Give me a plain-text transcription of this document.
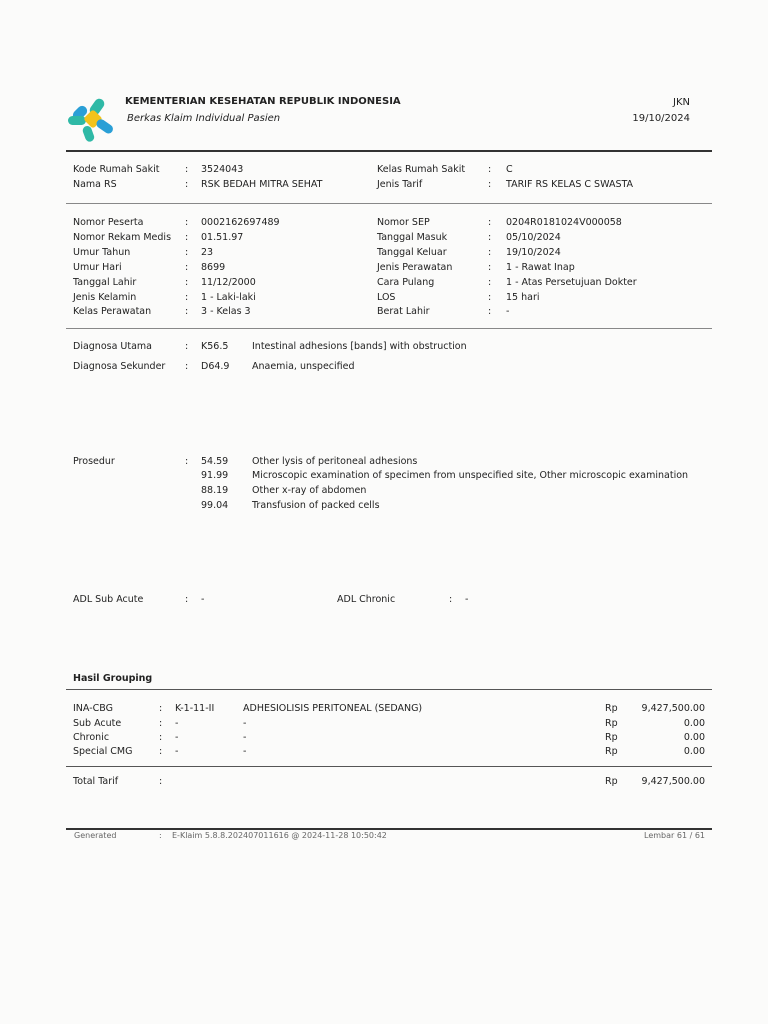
KEMENTERIAN KESEHATAN REPUBLIK INDONESIA
Berkas Klaim Individual Pasien
JKN
19/10/2024
Kode Rumah Sakit	: 3524043
Nama RS	: RSK BEDAH MITRA SEHAT
Kelas Rumah Sakit : C
Jenis Tarif	: TARIF RS KELAS C SWASTA
Nomor Peserta	: 0002162697489
Nomor Rekam Medis : 01.51.97
Umur Tahun	: 23
Umur Hari	: 8699
Tanggal Lahir	: 11/12/2000
Jenis Kelamin	: 1 - Laki-laki
Kelas Perawatan	: 3 - Kelas 3
Nomor SEP	: 0204R0181024V000058
Tanggal Masuk	: 05/10/2024
Tanggal Keluar	: 19/10/2024
Jenis Perawatan	: 1 - Rawat Inap
Cara Pulang	: 1 - Atas Persetujuan Dokter
LOS	: 15 hari
Berat Lahir	: -
Diagnosa Utama	: K56.5 Intestinal adhesions [bands] with obstruction
Diagnosa Sekunder : D64.9 Anaemia, unspecified
Prosedur	: 54.59	Other lysis of peritoneal adhesions
91.99	Microscopic examination of specimen from unspecified site, Other microscopic examination
88.19	Other x-ray of abdomen
99.04	Transfusion of packed cells
ADL Sub Acute	: -	ADL Chronic	: -
Hasil Grouping
INA-CBG	: K-1-11-II	ADHESIOLISIS PERITONEAL (SEDANG)	Rp	9,427,500.00
Sub Acute	: -	-	Rp	0.00
Chronic	: -	-	Rp	0.00
Special CMG	: -	-	Rp	0.00
Total Tarif	:	Rp	9,427,500.00
Generated	: E-Klaim 5.8.8.202407011616 @ 2024-11-28 10:50:42	Lembar 61 / 61
